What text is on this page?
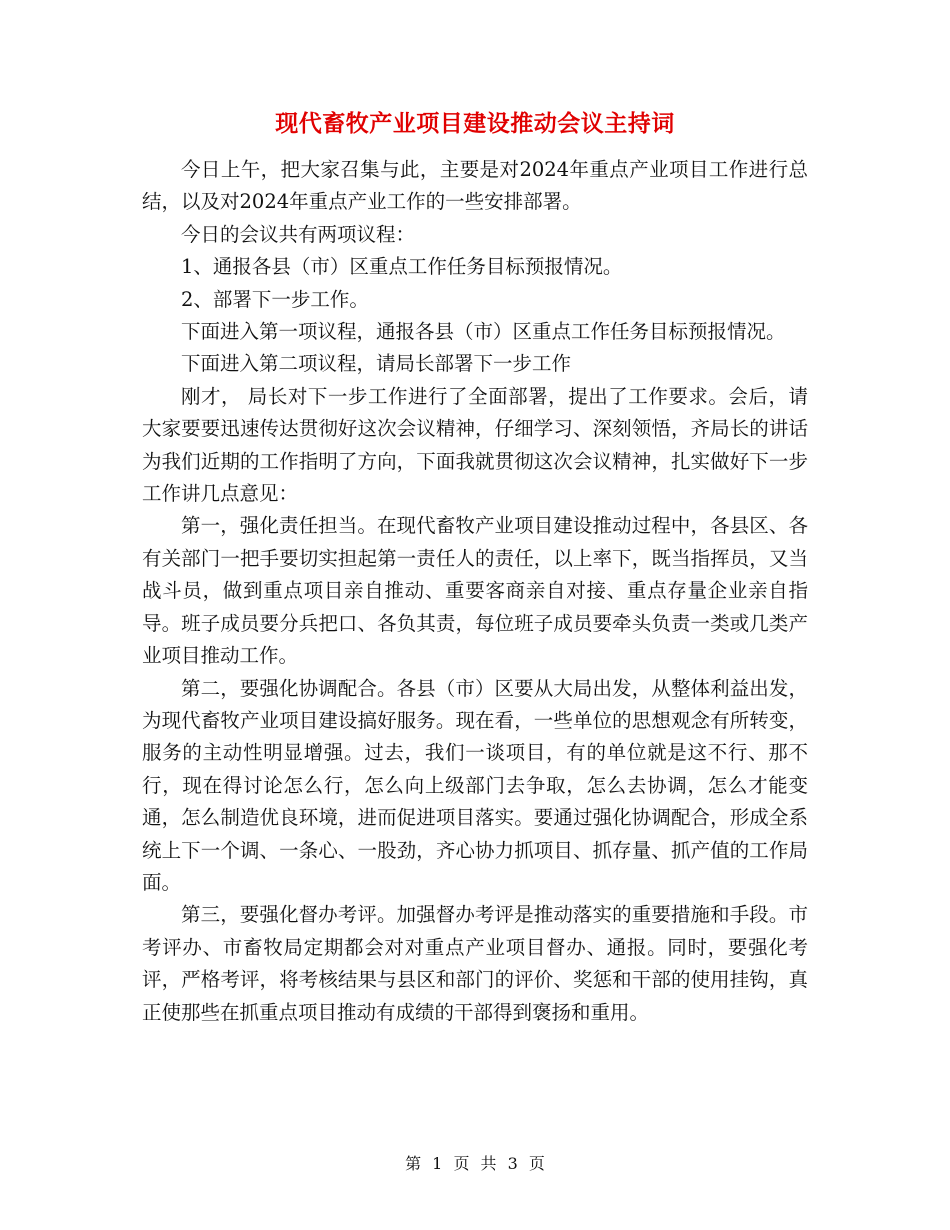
现代畜牧产业项目建设推动会议主持词

今日上午，把大家召集与此，主要是对2024年重点产业项目工作进行总结，以及对2024年重点产业工作的一些安排部署。

今日的会议共有两项议程：

1、通报各县（市）区重点工作任务目标预报情况。

2、部署下一步工作。

下面进入第一项议程，通报各县（市）区重点工作任务目标预报情况。

下面进入第二项议程，请局长部署下一步工作

刚才， 局长对下一步工作进行了全面部署，提出了工作要求。会后，请大家要要迅速传达贯彻好这次会议精神，仔细学习、深刻领悟，齐局长的讲话为我们近期的工作指明了方向，下面我就贯彻这次会议精神，扎实做好下一步工作讲几点意见：

第一，强化责任担当。在现代畜牧产业项目建设推动过程中，各县区、各有关部门一把手要切实担起第一责任人的责任，以上率下，既当指挥员，又当战斗员，做到重点项目亲自推动、重要客商亲自对接、重点存量企业亲自指导。班子成员要分兵把口、各负其责，每位班子成员要牵头负责一类或几类产业项目推动工作。

第二，要强化协调配合。各县（市）区要从大局出发，从整体利益出发，为现代畜牧产业项目建设搞好服务。现在看，一些单位的思想观念有所转变，服务的主动性明显增强。过去，我们一谈项目，有的单位就是这不行、那不行，现在得讨论怎么行，怎么向上级部门去争取，怎么去协调，怎么才能变通，怎么制造优良环境，进而促进项目落实。要通过强化协调配合，形成全系统上下一个调、一条心、一股劲，齐心协力抓项目、抓存量、抓产值的工作局面。

第三，要强化督办考评。加强督办考评是推动落实的重要措施和手段。市考评办、市畜牧局定期都会对对重点产业项目督办、通报。同时，要强化考评，严格考评，将考核结果与县区和部门的评价、奖惩和干部的使用挂钩，真正使那些在抓重点项目推动有成绩的干部得到褒扬和重用。

第 1 页 共 3 页
